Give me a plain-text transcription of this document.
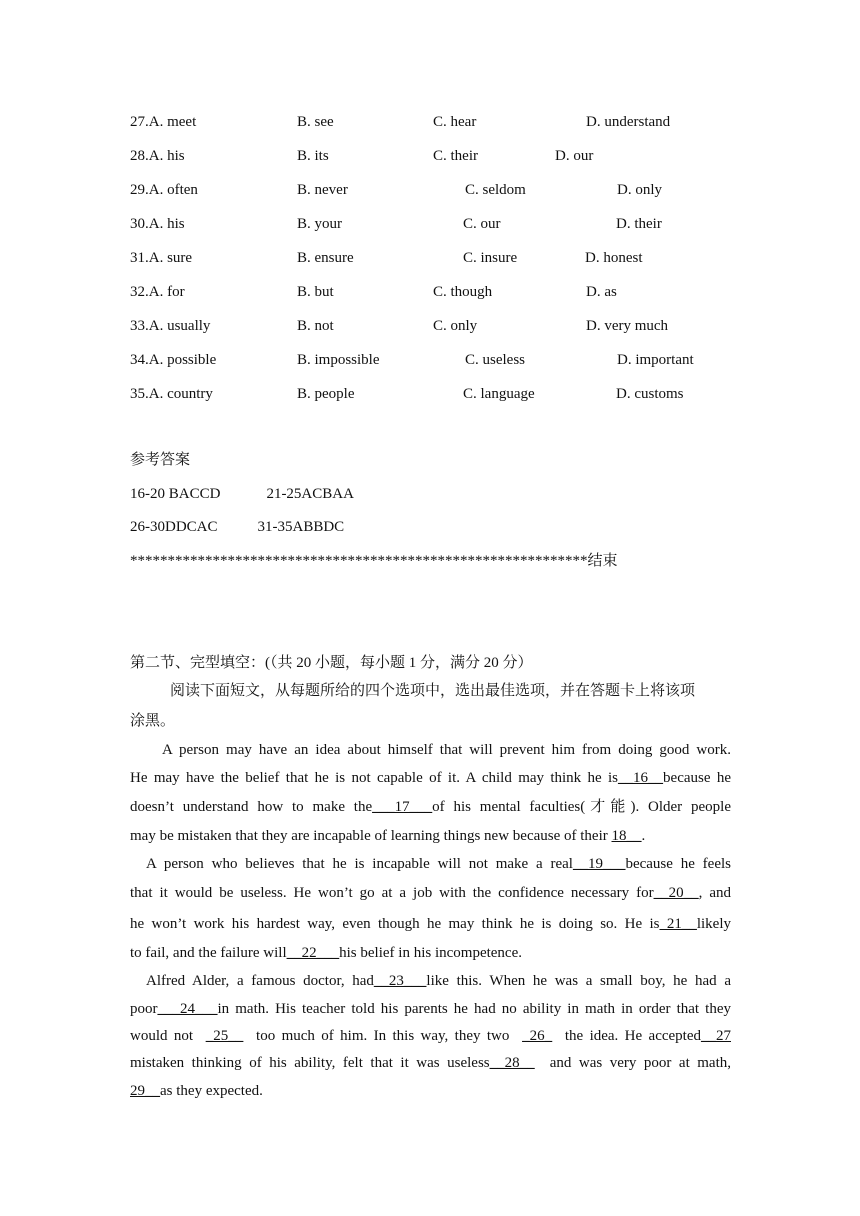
27.A. meet	B. see	C. hear	D. understand
28.A. his	B. its	C. their	D. our
29.A. often	B. never	C. seldom	D. only
30.A. his	B. your	C. our	D. their
31.A. sure	B. ensure	C. insure	D. honest
32.A. for	B. but	C. though	D. as
33.A. usually	B. not	C. only	D. very much
34.A. possible	B. impossible	C. useless	D. important
35.A. country	B. people	C. language	D. customs
参考答案
16-20 BACCD	21-25ACBAA
26-30DDCAC	31-35ABBDC
*************************************************************结束
第二节、完型填空：(（共 20 小题，每小题 1 分，满分 20 分）
阅读下面短文，从每题所给的四个选项中，选出最佳选项，并在答题卡上将该项
涂黑。
A person may have an idea about himself that will prevent him from doing good work.
He may have the belief that he is not capable of it. A child may think he is__16__because he
doesn’t understand how to make the___17___of his mental faculties(才能). Older people
may be mistaken that they are incapable of learning things new because of their 18__.
A person who believes that he is incapable will not make a real__19___because he feels
that it would be useless. He won’t go at a job with the confidence necessary for__20__, and
he won’t work his hardest way, even though he may think he is doing so. He is 21__likely
to fail, and the failure will__22___his belief in his incompetence.
Alfred Alder, a famous doctor, had__23___like this. When he was a small boy, he had a
poor___24___in math. His teacher told his parents he had no ability in math in order that they
would not _25__ too much of him. In this way, they two _26_ the idea. He accepted__27
mistaken thinking of his ability, felt that it was useless__28__ and was very poor at math,
29__as they expected.
